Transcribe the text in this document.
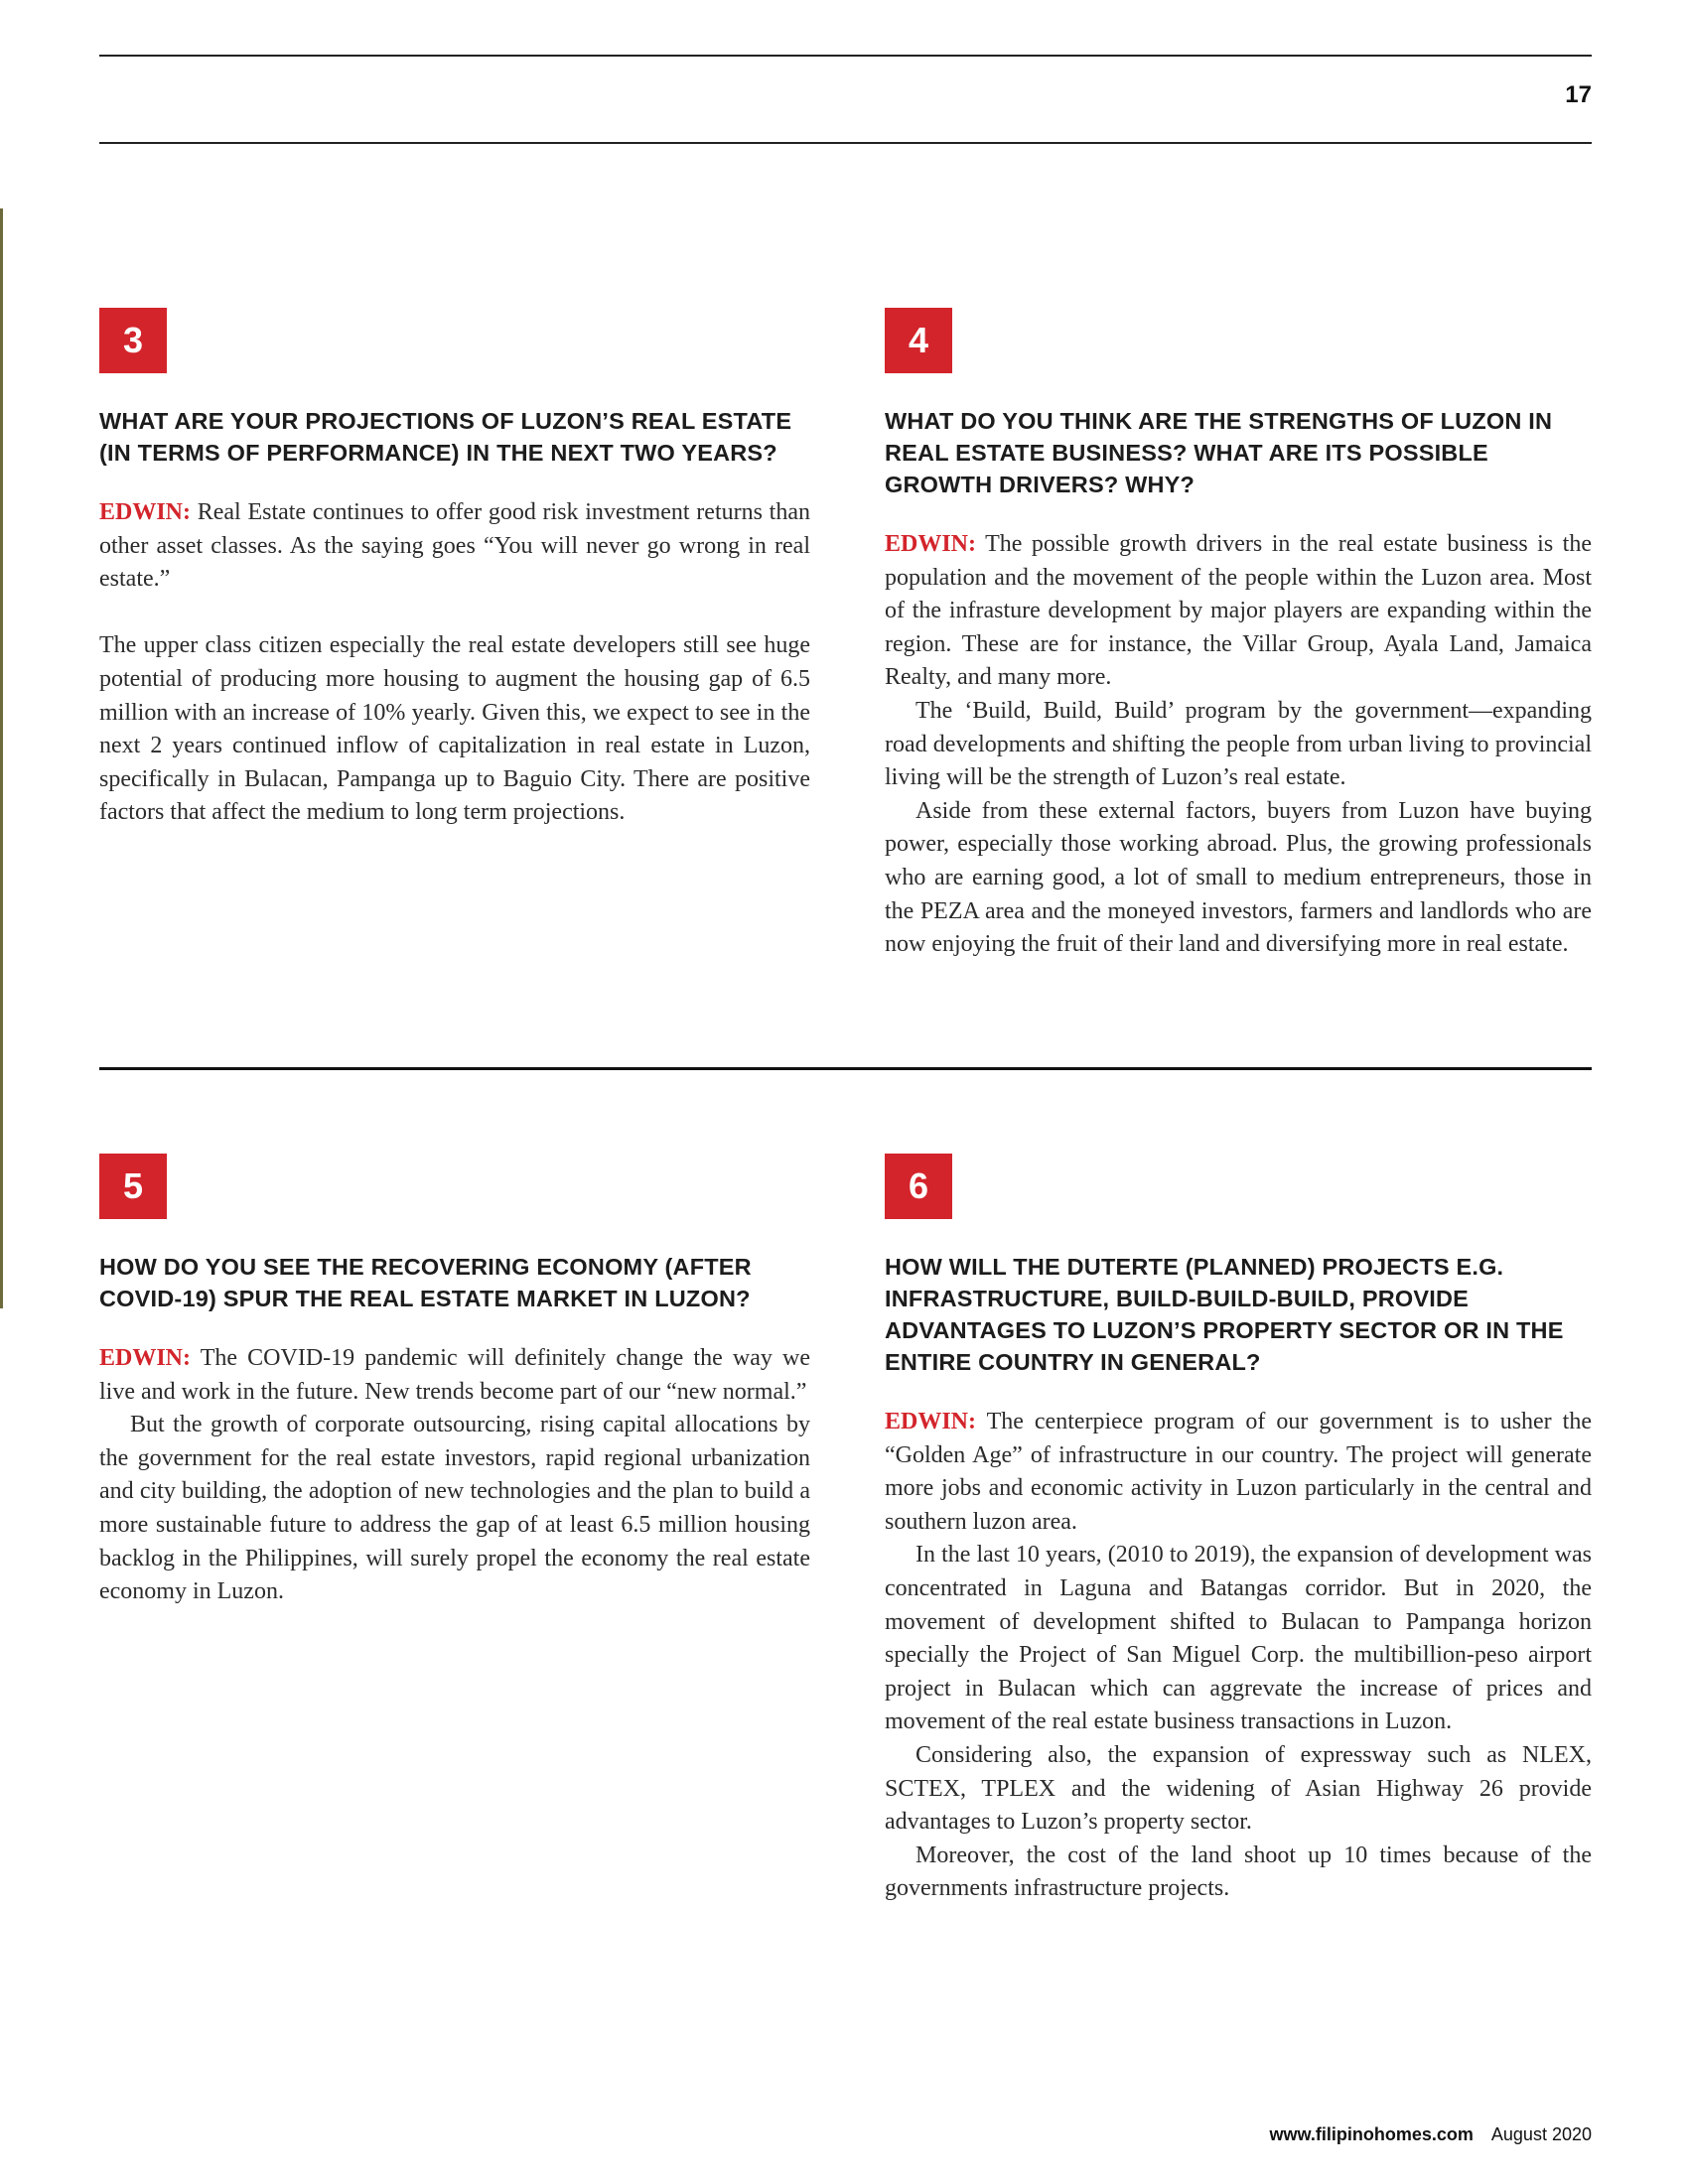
17
3
WHAT ARE YOUR PROJECTIONS OF LUZON’S REAL ESTATE (IN TERMS OF PERFORMANCE) IN THE NEXT TWO YEARS?

EDWIN: Real Estate continues to offer good risk investment returns than other asset classes. As the saying goes “You will never go wrong in real estate.”

The upper class citizen especially the real estate developers still see huge potential of producing more housing to augment the housing gap of 6.5 million with an increase of 10% yearly. Given this, we expect to see in the next 2 years continued inflow of capitalization in real estate in Luzon, specifically in Bulacan, Pampanga up to Baguio City. There are positive factors that affect the medium to long term projections.

4
WHAT DO YOU THINK ARE THE STRENGTHS OF LUZON IN REAL ESTATE BUSINESS? WHAT ARE ITS POSSIBLE GROWTH DRIVERS? WHY?

EDWIN: The possible growth drivers in the real estate business is the population and the movement of the people within the Luzon area. Most of the infrasture development by major players are expanding within the region. These are for instance, the Villar Group, Ayala Land, Jamaica Realty, and many more.

The ‘Build, Build, Build’ program by the government—expanding road developments and shifting the people from urban living to provincial living will be the strength of Luzon’s real estate.

Aside from these external factors, buyers from Luzon have buying power, especially those working abroad. Plus, the growing professionals who are earning good, a lot of small to medium entrepreneurs, those in the PEZA area and the moneyed investors, farmers and landlords who are now enjoying the fruit of their land and diversifying more in real estate.

5
HOW DO YOU SEE THE RECOVERING ECONOMY (AFTER COVID-19) SPUR THE REAL ESTATE MARKET IN LUZON?

EDWIN: The COVID-19 pandemic will definitely change the way we live and work in the future. New trends become part of our “new normal.”

But the growth of corporate outsourcing, rising capital allocations by the government for the real estate investors, rapid regional urbanization and city building, the adoption of new technologies and the plan to build a more sustainable future to address the gap of at least 6.5 million housing backlog in the Philippines, will surely propel the economy the real estate economy in Luzon.

6
HOW WILL THE DUTERTE (PLANNED) PROJECTS E.G. INFRASTRUCTURE, BUILD-BUILD-BUILD, PROVIDE ADVANTAGES TO LUZON’S PROPERTY SECTOR OR IN THE ENTIRE COUNTRY IN GENERAL?

EDWIN: The centerpiece program of our government is to usher the “Golden Age” of infrastructure in our country. The project will generate more jobs and economic activity in Luzon particularly in the central and southern luzon area.

In the last 10 years, (2010 to 2019), the expansion of development was concentrated in Laguna and Batangas corridor. But in 2020, the movement of development shifted to Bulacan to Pampanga horizon specially the Project of San Miguel Corp. the multibillion-peso airport project in Bulacan which can aggrevate the increase of prices and movement of the real estate business transactions in Luzon.

Considering also, the expansion of expressway such as NLEX, SCTEX, TPLEX and the widening of Asian Highway 26 provide advantages to Luzon’s property sector.

Moreover, the cost of the land shoot up 10 times because of the governments infrastructure projects.

www.filipinohomes.com August 2020
